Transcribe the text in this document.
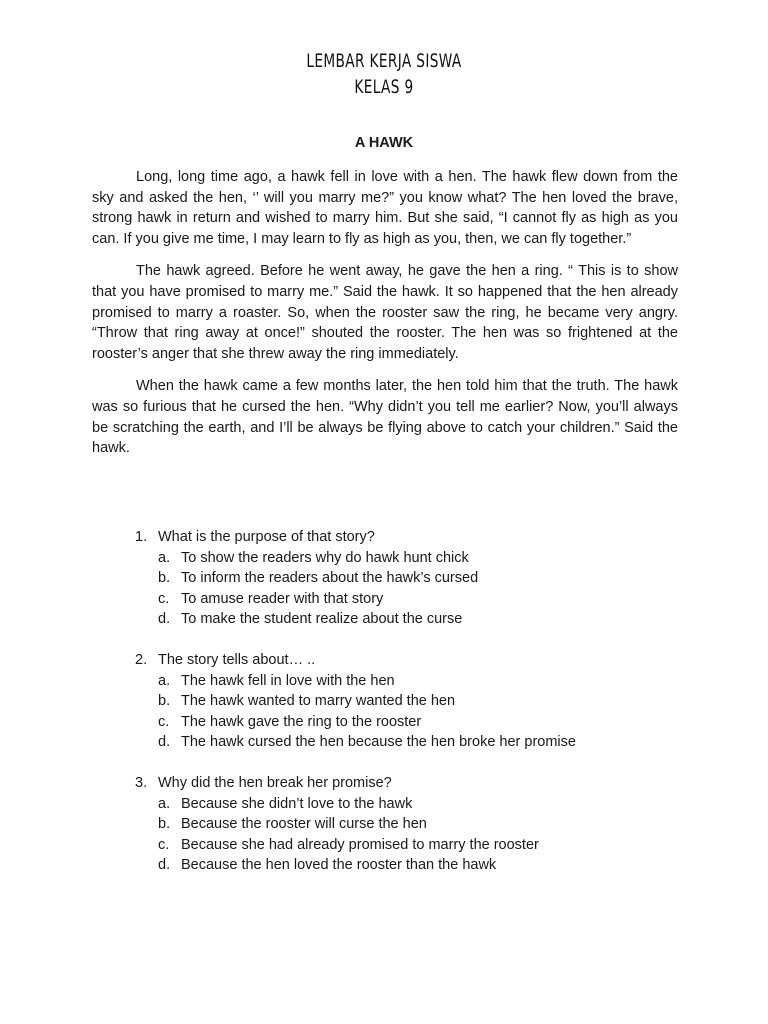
LEMBAR KERJA SISWA
KELAS 9
A HAWK

Long, long time ago, a hawk fell in love with a hen. The hawk flew down from the sky and asked the hen, ‘’ will you marry me?” you know what? The hen loved the brave, strong hawk in return and wished to marry him. But she said, “I cannot fly as high as you can. If you give me time, I may learn to fly as high as you, then, we can fly together.”

The hawk agreed. Before he went away, he gave the hen a ring. “ This is to show that you have promised to marry me.” Said the hawk. It so happened that the hen already promised to marry a roaster. So, when the rooster saw the ring, he became very angry. “Throw that ring away at once!” shouted the rooster. The hen was so frightened at the rooster’s anger that she threw away the ring immediately.

When the hawk came a few months later, the hen told him that the truth. The hawk was so furious that he cursed the hen. “Why didn’t you tell me earlier? Now, you’ll always be scratching the earth, and I’ll be always be flying above to catch your children.” Said the hawk.

1. What is the purpose of that story?
a. To show the readers why do hawk hunt chick
b. To inform the readers about the hawk’s cursed
c. To amuse reader with that story
d. To make the student realize about the curse
2. The story tells about… ..
a. The hawk fell in love with the hen
b. The hawk wanted to marry wanted the hen
c. The hawk gave the ring to the rooster
d. The hawk cursed the hen because the hen broke her promise
3. Why did the hen break her promise?
a. Because she didn’t love to the hawk
b. Because the rooster will curse the hen
c. Because she had already promised to marry the rooster
d. Because the hen loved the rooster than the hawk
